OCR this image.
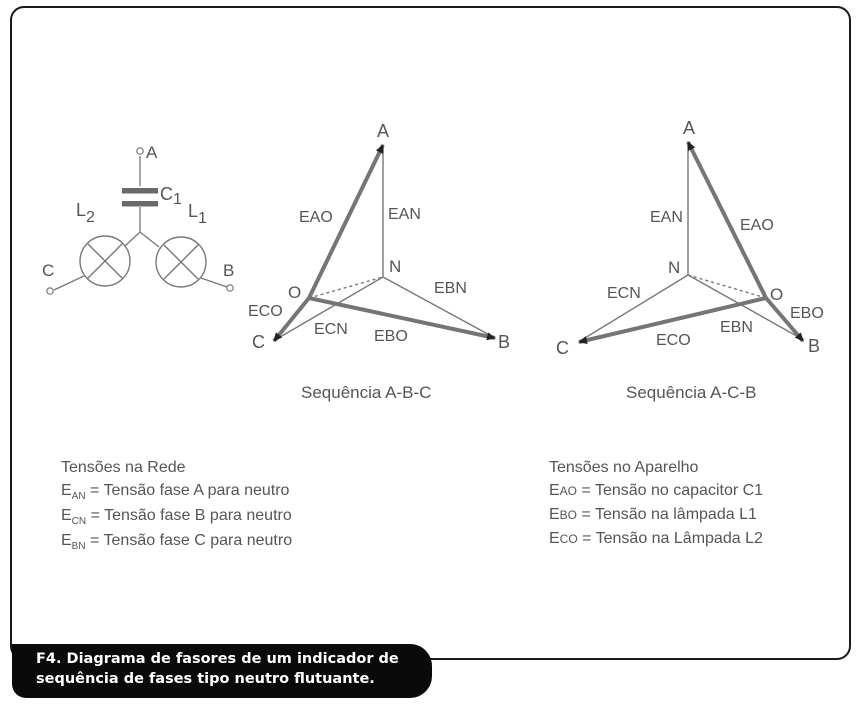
A
C1
L2	L1
C	B
A
B
C
N
O
EAO	EAN
EBN
ECO
ECN EBO
Sequência A-B-C
A
B
C
N
O
EAN	EAO
ECN
EBO
EBN
ECO
Sequência A-C-B
Tensões na Rede
$E_{AN}$ = Tensão fase A para neutro
$E_{CN}$ = Tensão fase B para neutro
$E_{BN}$ = Tensão fase C para neutro
Tensões no Aparelho
EAO = Tensão no capacitor C1
EBO = Tensão na lâmpada L1
ECO = Tensão na Lâmpada L2
F4. Diagrama de fasores de um indicador de
sequência de fases tipo neutro flutuante.
